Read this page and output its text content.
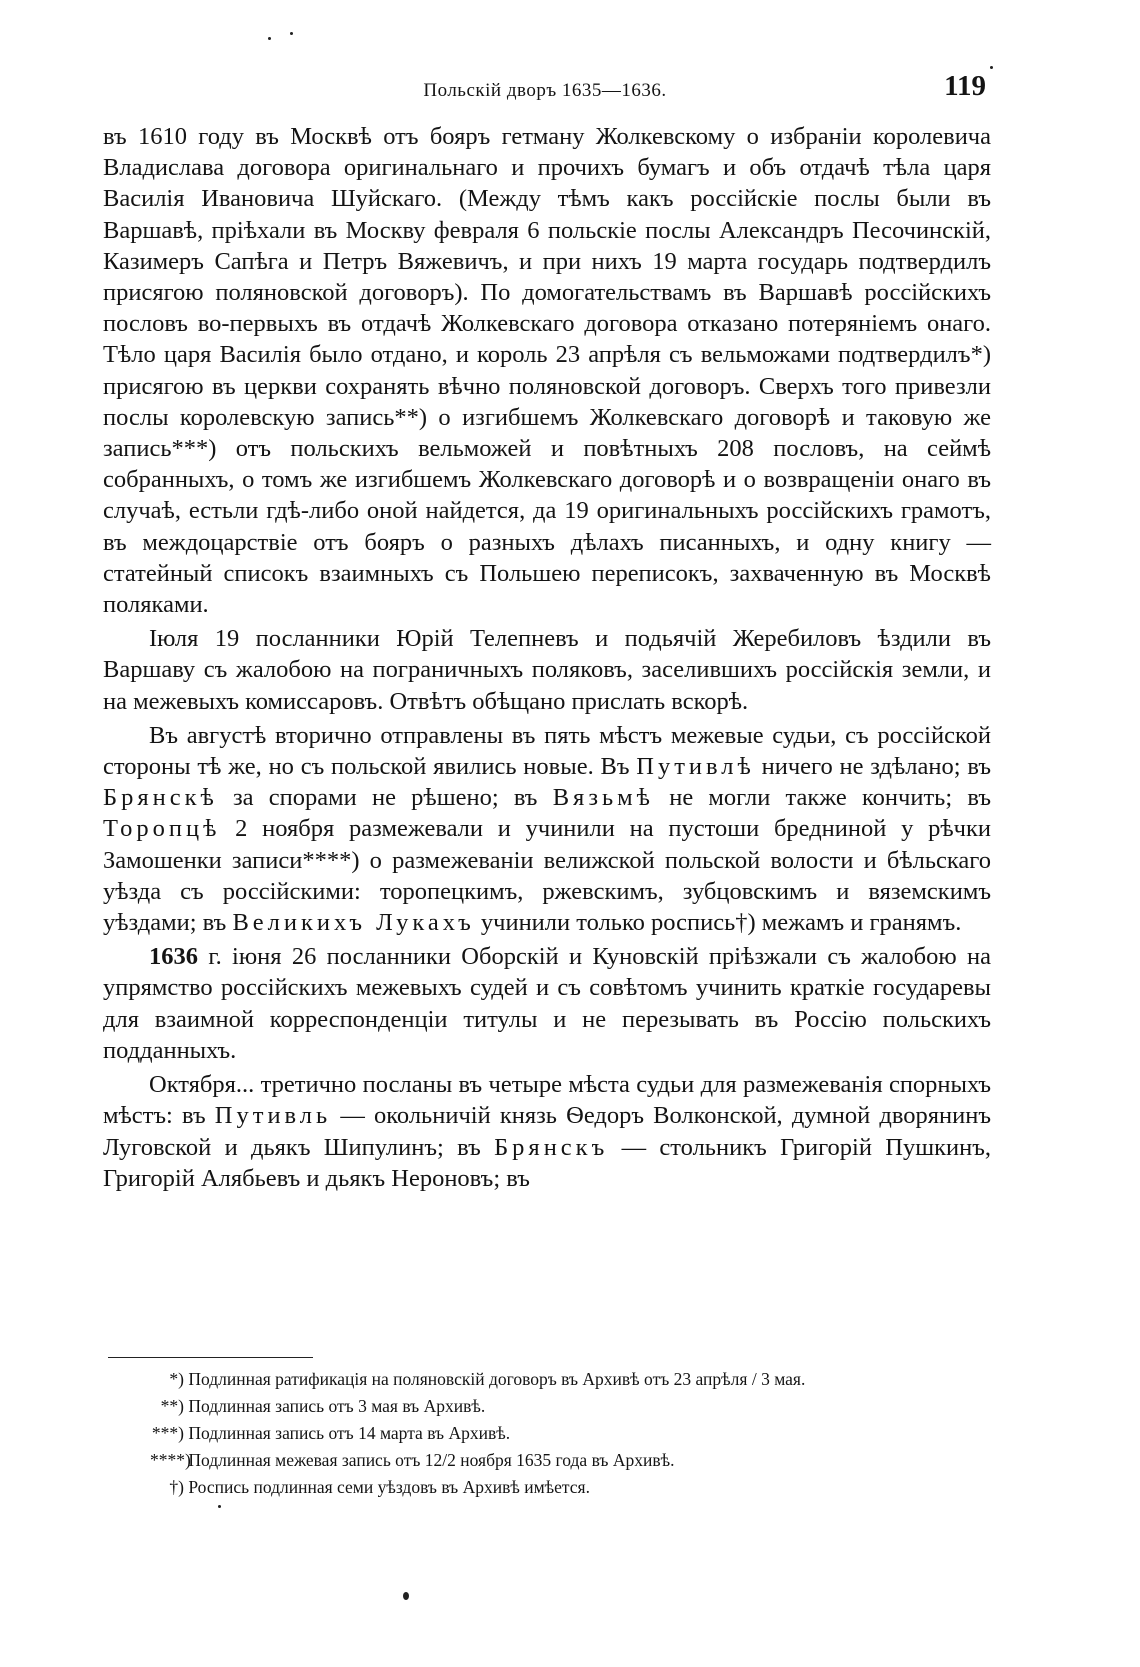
Польскій дворъ 1635—1636.	119

въ 1610 году въ Москвѣ отъ бояръ гетману Жолкевскому о избраніи королевича Владислава договора оригинальнаго и прочихъ бумагъ и объ отдачѣ тѣла царя Василія Ивановича Шуйскаго. (Между тѣмъ какъ россійскіе послы были въ Варшавѣ, пріѣхали въ Москву февраля 6 польскіе послы Александръ Песочинскій, Казимеръ Сапѣга и Петръ Вяжевичъ, и при нихъ 19 марта государь подтвердилъ присягою поляновской договоръ). По домогательствамъ въ Варшавѣ россійскихъ пословъ во-первыхъ въ отдачѣ Жолкевскаго договора отказано потеряніемъ онаго. Тѣло царя Василія было отдано, и король 23 апрѣля съ вельможами подтвердилъ*) присягою въ церкви сохранять вѣчно поляновской договоръ. Сверхъ того привезли послы королевскую запись**) о изгибшемъ Жолкевскаго договорѣ и таковую же запись***) отъ польскихъ вельможей и повѣтныхъ 208 пословъ, на сеймѣ собранныхъ, о томъ же изгибшемъ Жолкевскаго договорѣ и о возвращеніи онаго въ случаѣ, естьли гдѣ-либо оной найдется, да 19 оригинальныхъ россійскихъ грамотъ, въ междоцарствіе отъ бояръ о разныхъ дѣлахъ писанныхъ, и одну книгу — статейный списокъ взаимныхъ съ Польшею переписокъ, захваченную въ Москвѣ поляками.

Іюля 19 посланники Юрій Телепневъ и подьячій Жеребиловъ ѣздили въ Варшаву съ жалобою на пограничныхъ поляковъ, заселившихъ россійскія земли, и на межевыхъ комиссаровъ. Отвѣтъ обѣщано прислать вскорѣ.

Въ августѣ вторично отправлены въ пять мѣстъ межевые судьи, съ россійской стороны тѣ же, но съ польской явились новые. Въ Путивлѣ ничего не здѣлано; въ Брянскѣ за спорами не рѣшено; въ Вязьмѣ не могли также кончить; въ Торопцѣ 2 ноября размежевали и учинили на пустоши бредниной у рѣчки Замошенки записи****) о размежеваніи велижской польской волости и бѣльскаго уѣзда съ россійскими: торопецкимъ, ржевскимъ, зубцовскимъ и вяземскимъ уѣздами; въ Великихъ Лукахъ учинили только роспись†) межамъ и гранямъ.

1636 г. іюня 26 посланники Оборскій и Куновскій пріѣзжали съ жалобою на упрямство россійскихъ межевыхъ судей и съ совѣтомъ учинить краткіе государевы для взаимной корреспонденціи титулы и не перезывать въ Россію польскихъ подданныхъ.

Октября... третично посланы въ четыре мѣста судьи для размежеванія спорныхъ мѣстъ: въ Путивль — окольничій князь Ѳедоръ Волконской, думной дворянинъ Луговской и дьякъ Шипулинъ; въ Брянскъ — стольникъ Григорій Пушкинъ, Григорій Алябьевъ и дьякъ Нероновъ; въ

*) Подлинная ратификація на поляновскій договоръ въ Архивѣ отъ 23 апрѣля / 3 мая.
**) Подлинная запись отъ 3 мая въ Архивѣ.
***) Подлинная запись отъ 14 марта въ Архивѣ.
****) Подлинная межевая запись отъ 12/2 ноября 1635 года въ Архивѣ.
†) Роспись подлинная семи уѣздовъ въ Архивѣ имѣется.
